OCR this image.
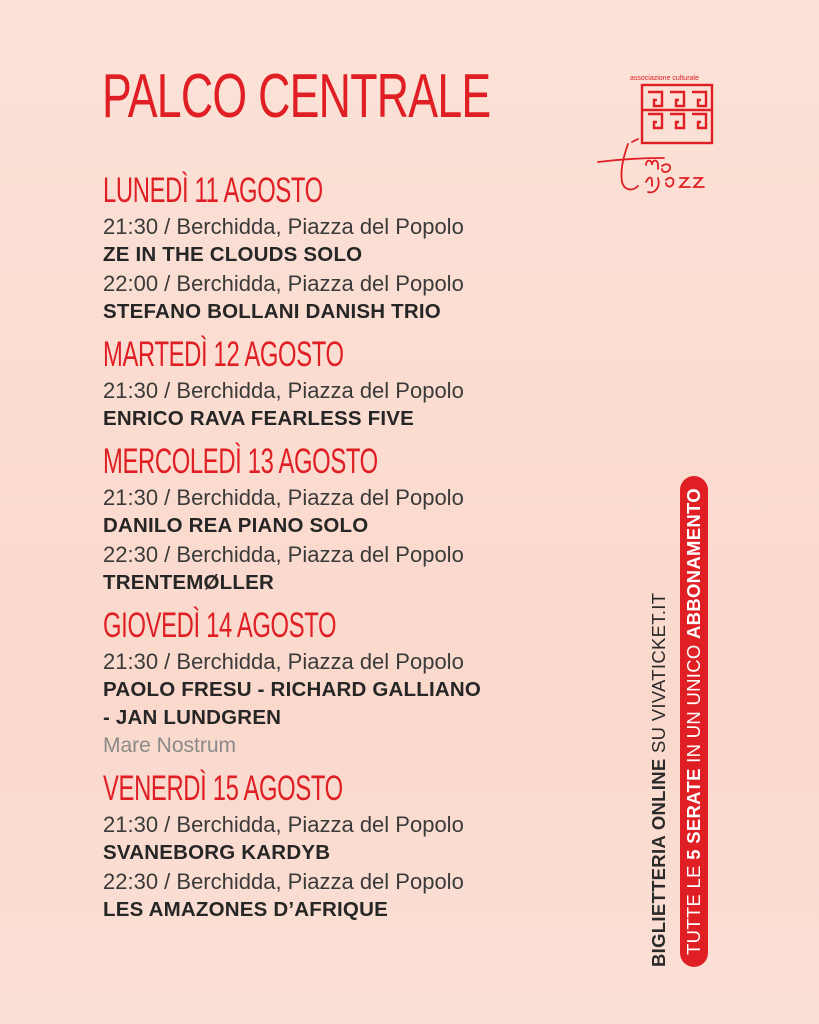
PALCO CENTRALE	associazione culturale
LUNEDÌ 11 AGOSTO
21:30 / Berchidda, Piazza del Popolo
ZE IN THE CLOUDS SOLO
22:00 / Berchidda, Piazza del Popolo
STEFANO BOLLANI DANISH TRIO
MARTEDÌ 12 AGOSTO
21:30 / Berchidda, Piazza del Popolo
ENRICO RAVA FEARLESS FIVE
MERCOLEDÌ 13 AGOSTO
21:30 / Berchidda, Piazza del Popolo
DANILO REA PIANO SOLO
22:30 / Berchidda, Piazza del Popolo
TRENTEMØLLER
GIOVEDÌ 14 AGOSTO
21:30 / Berchidda, Piazza del Popolo
PAOLO FRESU - RICHARD GALLIANO
- JAN LUNDGREN
Mare Nostrum
VENERDÌ 15 AGOSTO
21:30 / Berchidda, Piazza del Popolo
SVANEBORG KARDYB
22:30 / Berchidda, Piazza del Popolo
LES AMAZONES D’AFRIQUE	BIGLIETTERIA ONLINE SU VIVATICKET.IT
TUTTE LE 5 SERATE IN UN UNICO ABBONAMENTO
